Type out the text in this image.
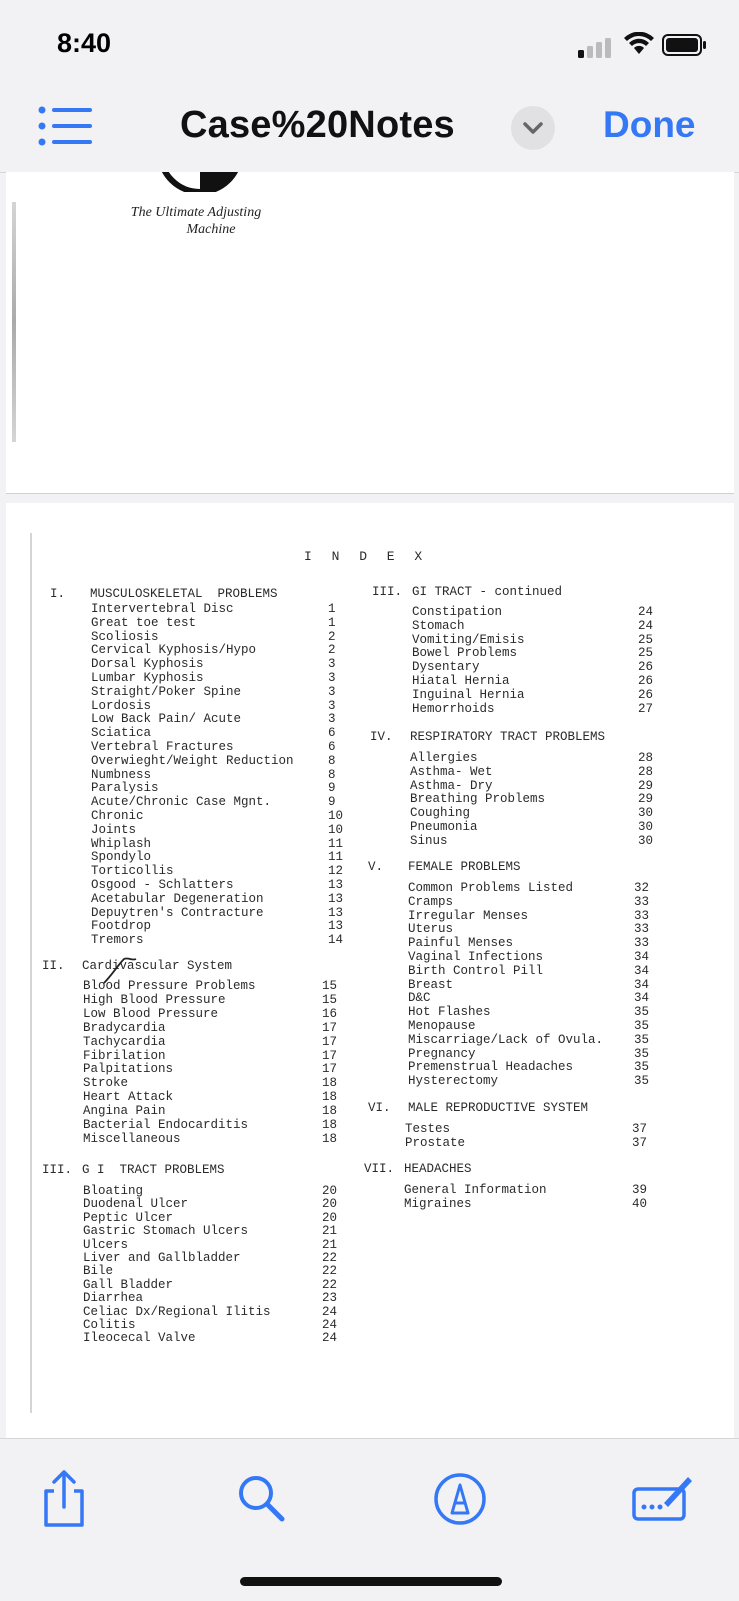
8:40
Case%20Notes	Done
The Ultimate Adjusting
Machine
I N D E X
I. MUSCULOSKELETAL  PROBLEMS
Intervertebral Disc	1
Great toe test	1
Scoliosis	2
Cervical Kyphosis/Hypo	2
Dorsal Kyphosis	3
Lumbar Kyphosis	3
Straight/Poker Spine	3
Lordosis	3
Low Back Pain/ Acute	3
Sciatica	6
Vertebral Fractures	6
Overwieght/Weight Reduction	8
Numbness	8
Paralysis	9
Acute/Chronic Case Mgnt.	9
Chronic	10
Joints	10
Whiplash	11
Spondylo	11
Torticollis	12
Osgood - Schlatters	13
Acetabular Degeneration	13
Depuytren's Contracture	13
Footdrop	13
Tremors	14
II. Cardivascular System
Blood Pressure Problems	15
High Blood Pressure	15
Low Blood Pressure	16
Bradycardia	17
Tachycardia	17
Fibrilation	17
Palpitations	17
Stroke	18
Heart Attack	18
Angina Pain	18
Bacterial Endocarditis	18
Miscellaneous	18
III. G I  TRACT PROBLEMS
Bloating	20
Duodenal Ulcer	20
Peptic Ulcer	20
Gastric Stomach Ulcers	21
Ulcers	21
Liver and Gallbladder	22
Bile	22
Gall Bladder	22
Diarrhea	23
Celiac Dx/Regional Ilitis	24
Colitis	24
Ileocecal Valve	24
III. GI TRACT - continued
Constipation	24
Stomach	24
Vomiting/Emisis	25
Bowel Problems	25
Dysentary	26
Hiatal Hernia	26
Inguinal Hernia	26
Hemorrhoids	27
IV. RESPIRATORY TRACT PROBLEMS
Allergies	28
Asthma- Wet	28
Asthma- Dry	29
Breathing Problems	29
Coughing	30
Pneumonia	30
Sinus	30
V. FEMALE PROBLEMS
Common Problems Listed	32
Cramps	33
Irregular Menses	33
Uterus	33
Painful Menses	33
Vaginal Infections	34
Birth Control Pill	34
Breast	34
D&C	34
Hot Flashes	35
Menopause	35
Miscarriage/Lack of Ovula. 35
Pregnancy	35
Premenstrual Headaches	35
Hysterectomy	35
VI. MALE REPRODUCTIVE SYSTEM
Testes	37
Prostate	37
VII. HEADACHES
General Information	39
Migraines	40
